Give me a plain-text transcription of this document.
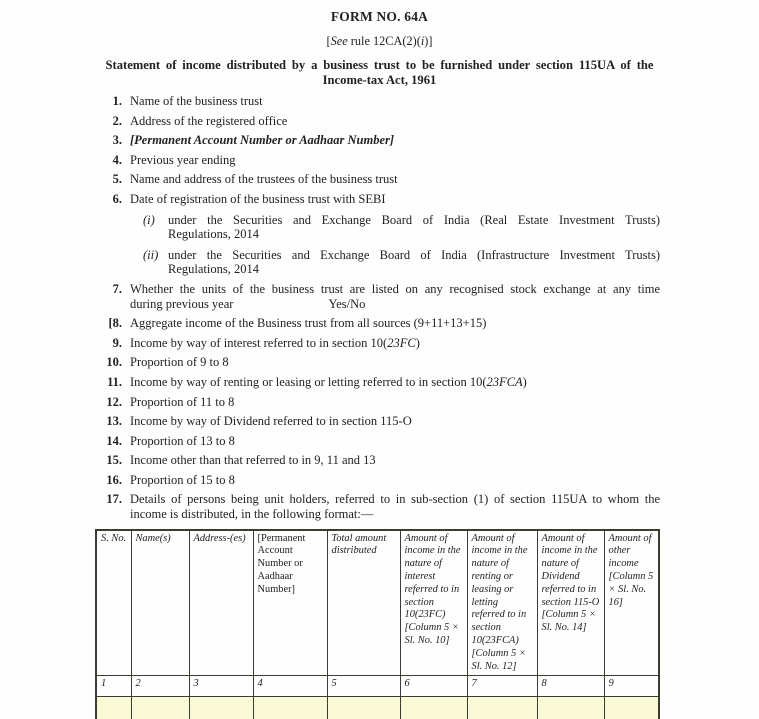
FORM NO. 64A
[See rule 12CA(2)(i)]
Statement of income distributed by a business trust to be furnished under section 115UA of the
Income-tax Act, 1961
1. Name of the business trust
2. Address of the registered office
3. [Permanent Account Number or Aadhaar Number]
4. Previous year ending
5. Name and address of the trustees of the business trust
6. Date of registration of the business trust with SEBI
(i)	under the Securities and Exchange Board of India (Real Estate Investment Trusts)
Regulations, 2014
(ii) under the Securities and Exchange Board of India (Infrastructure Investment Trusts)
Regulations, 2014
7. Whether the units of the business trust are listed on any recognised stock exchange at any time
during previous year	Yes/No
[8. Aggregate income of the Business trust from all sources (9+11+13+15)
9. Income by way of interest referred to in section 10(23FC)
10. Proportion of 9 to 8
11. Income by way of renting or leasing or letting referred to in section 10(23FCA)
12. Proportion of 11 to 8
13. Income by way of Dividend referred to in section 115-O
14. Proportion of 13 to 8
15. Income other than that referred to in 9, 11 and 13
16. Proportion of 15 to 8
17. Details of persons being unit holders, referred to in sub-section (1) of section 115UA to whom the
income is distributed, in the following format:—
S. No.	Name(s)	Address-(es)	[Permanent Account Number or Aadhaar Number]	Total amount distributed	Amount of income in the nature of interest referred to in section 10(23FC) [Column 5 × Sl. No. 10]	Amount of income in the nature of renting or leasing or letting referred to in section 10(23FCA) [Column 5 × Sl. No. 12]	Amount of income in the nature of Dividend referred to in section 115-O [Column 5 × Sl. No. 14]	Amount of other income [Column 5 × Sl. No. 16]
1	2	3	4	5	6	7	8	9
